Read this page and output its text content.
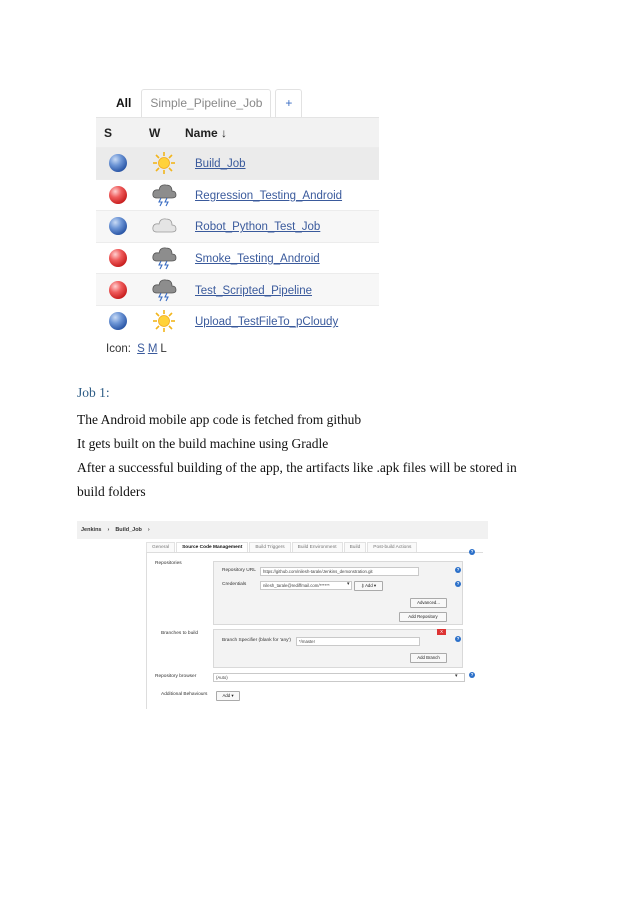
All	Simple_Pipeline_Job	+
S	W	Name ↓
Build_Job
Regression_Testing_Android
Robot_Python_Test_Job
Smoke_Testing_Android
Test_Scripted_Pipeline
Upload_TestFileTo_pCloudy
Icon: S M L
Job 1:
The Android mobile app code is fetched from github
It gets built on the build machine using Gradle
After a successful building of the app, the artifacts like .apk files will be stored in build folders
Jenkins › Build_Job ›
General	Source Code Management	Build Triggers	Build Environment	Build	Post-build Actions
Repositories
Repository URL	https://github.com/nilesh-tarale/Jenkins_demonstration.git
Credentials	nilesh_tarale@rediffmail.com/******	▾	⚷ Add ▾
Advanced...
Add Repository
?
?
?
Branches to build
Branch Specifier (blank for 'any')	*/master
X
Add Branch
?
Repository browser	(Auto)	▾	?
Additional Behaviours	Add ▾
